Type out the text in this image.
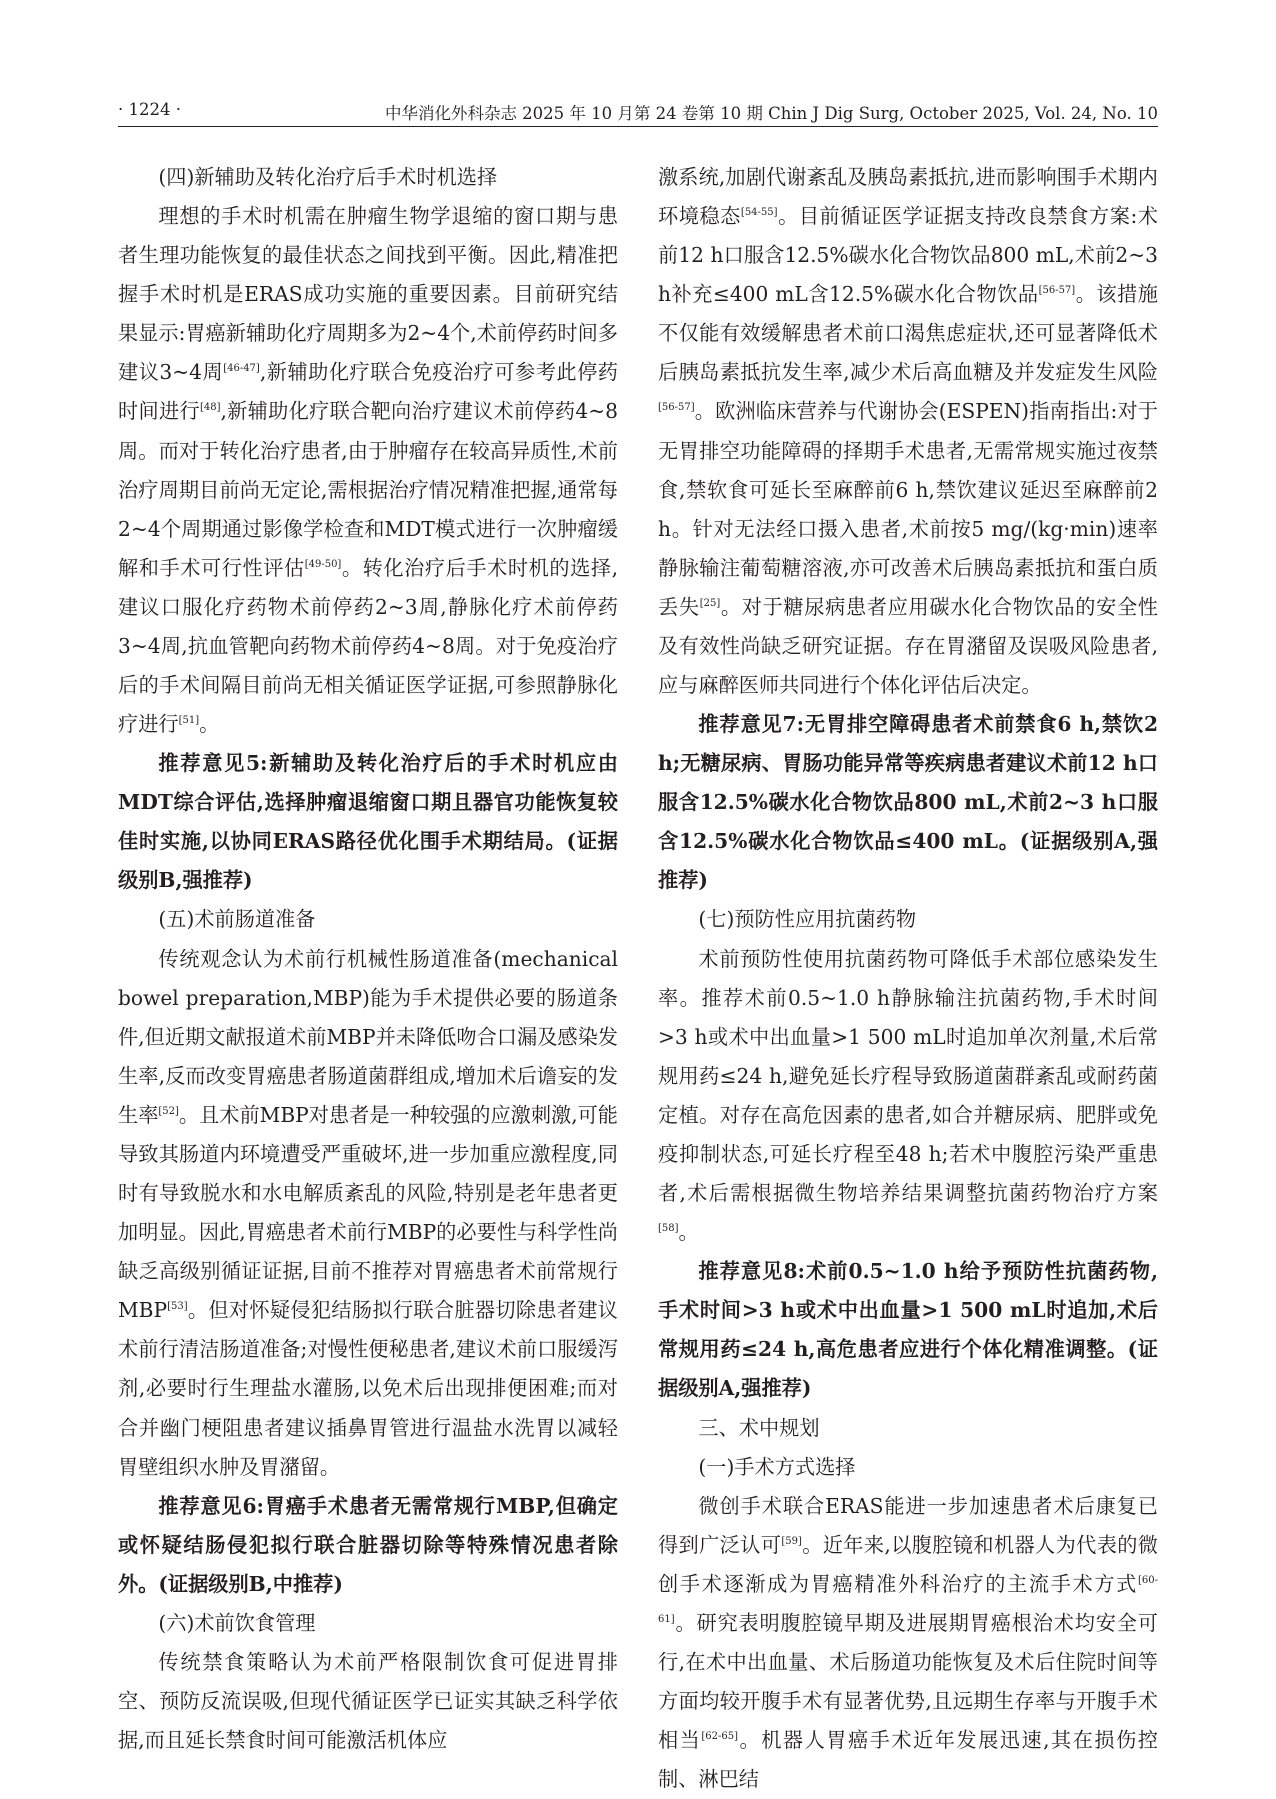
· 1224 ·	中华消化外科杂志 2025 年 10 月第 24 卷第 10 期 Chin J Dig Surg, October 2025, Vol. 24, No. 10

(四)新辅助及转化治疗后手术时机选择

理想的手术时机需在肿瘤生物学退缩的窗口期与患者生理功能恢复的最佳状态之间找到平衡。因此,精准把握手术时机是ERAS成功实施的重要因素。目前研究结果显示:胃癌新辅助化疗周期多为2~4个,术前停药时间多建议3~4周[46-47],新辅助化疗联合免疫治疗可参考此停药时间进行[48],新辅助化疗联合靶向治疗建议术前停药4~8周。而对于转化治疗患者,由于肿瘤存在较高异质性,术前治疗周期目前尚无定论,需根据治疗情况精准把握,通常每2~4个周期通过影像学检查和MDT模式进行一次肿瘤缓解和手术可行性评估[49-50]。转化治疗后手术时机的选择,建议口服化疗药物术前停药2~3周,静脉化疗术前停药3~4周,抗血管靶向药物术前停药4~8周。对于免疫治疗后的手术间隔目前尚无相关循证医学证据,可参照静脉化疗进行[51]。

推荐意见5:新辅助及转化治疗后的手术时机应由MDT综合评估,选择肿瘤退缩窗口期且器官功能恢复较佳时实施,以协同ERAS路径优化围手术期结局。(证据级别B,强推荐)

(五)术前肠道准备

传统观念认为术前行机械性肠道准备(mechanical bowel preparation,MBP)能为手术提供必要的肠道条件,但近期文献报道术前MBP并未降低吻合口漏及感染发生率,反而改变胃癌患者肠道菌群组成,增加术后谵妄的发生率[52]。且术前MBP对患者是一种较强的应激刺激,可能导致其肠道内环境遭受严重破坏,进一步加重应激程度,同时有导致脱水和水电解质紊乱的风险,特别是老年患者更加明显。因此,胃癌患者术前行MBP的必要性与科学性尚缺乏高级别循证证据,目前不推荐对胃癌患者术前常规行MBP[53]。但对怀疑侵犯结肠拟行联合脏器切除患者建议术前行清洁肠道准备;对慢性便秘患者,建议术前口服缓泻剂,必要时行生理盐水灌肠,以免术后出现排便困难;而对合并幽门梗阻患者建议插鼻胃管进行温盐水洗胃以减轻胃壁组织水肿及胃潴留。

推荐意见6:胃癌手术患者无需常规行MBP,但确定或怀疑结肠侵犯拟行联合脏器切除等特殊情况患者除外。(证据级别B,中推荐)

(六)术前饮食管理

传统禁食策略认为术前严格限制饮食可促进胃排空、预防反流误吸,但现代循证医学已证实其缺乏科学依据,而且延长禁食时间可能激活机体应

激系统,加剧代谢紊乱及胰岛素抵抗,进而影响围手术期内环境稳态[54-55]。目前循证医学证据支持改良禁食方案:术前12 h口服含12.5%碳水化合物饮品800 mL,术前2~3 h补充≤400 mL含12.5%碳水化合物饮品[56-57]。该措施不仅能有效缓解患者术前口渴焦虑症状,还可显著降低术后胰岛素抵抗发生率,减少术后高血糖及并发症发生风险[56-57]。欧洲临床营养与代谢协会(ESPEN)指南指出:对于无胃排空功能障碍的择期手术患者,无需常规实施过夜禁食,禁软食可延长至麻醉前6 h,禁饮建议延迟至麻醉前2 h。针对无法经口摄入患者,术前按5 mg/(kg·min)速率静脉输注葡萄糖溶液,亦可改善术后胰岛素抵抗和蛋白质丢失[25]。对于糖尿病患者应用碳水化合物饮品的安全性及有效性尚缺乏研究证据。存在胃潴留及误吸风险患者,应与麻醉医师共同进行个体化评估后决定。

推荐意见7:无胃排空障碍患者术前禁食6 h,禁饮2 h;无糖尿病、胃肠功能异常等疾病患者建议术前12 h口服含12.5%碳水化合物饮品800 mL,术前2~3 h口服含12.5%碳水化合物饮品≤400 mL。(证据级别A,强推荐)

(七)预防性应用抗菌药物

术前预防性使用抗菌药物可降低手术部位感染发生率。推荐术前0.5~1.0 h静脉输注抗菌药物,手术时间>3 h或术中出血量>1 500 mL时追加单次剂量,术后常规用药≤24 h,避免延长疗程导致肠道菌群紊乱或耐药菌定植。对存在高危因素的患者,如合并糖尿病、肥胖或免疫抑制状态,可延长疗程至48 h;若术中腹腔污染严重患者,术后需根据微生物培养结果调整抗菌药物治疗方案[58]。

推荐意见8:术前0.5~1.0 h给予预防性抗菌药物,手术时间>3 h或术中出血量>1 500 mL时追加,术后常规用药≤24 h,高危患者应进行个体化精准调整。(证据级别A,强推荐)

三、术中规划

(一)手术方式选择

微创手术联合ERAS能进一步加速患者术后康复已得到广泛认可[59]。近年来,以腹腔镜和机器人为代表的微创手术逐渐成为胃癌精准外科治疗的主流手术方式[60-61]。研究表明腹腔镜早期及进展期胃癌根治术均安全可行,在术中出血量、术后肠道功能恢复及术后住院时间等方面均较开腹手术有显著优势,且远期生存率与开腹手术相当[62-65]。机器人胃癌手术近年发展迅速,其在损伤控制、淋巴结
